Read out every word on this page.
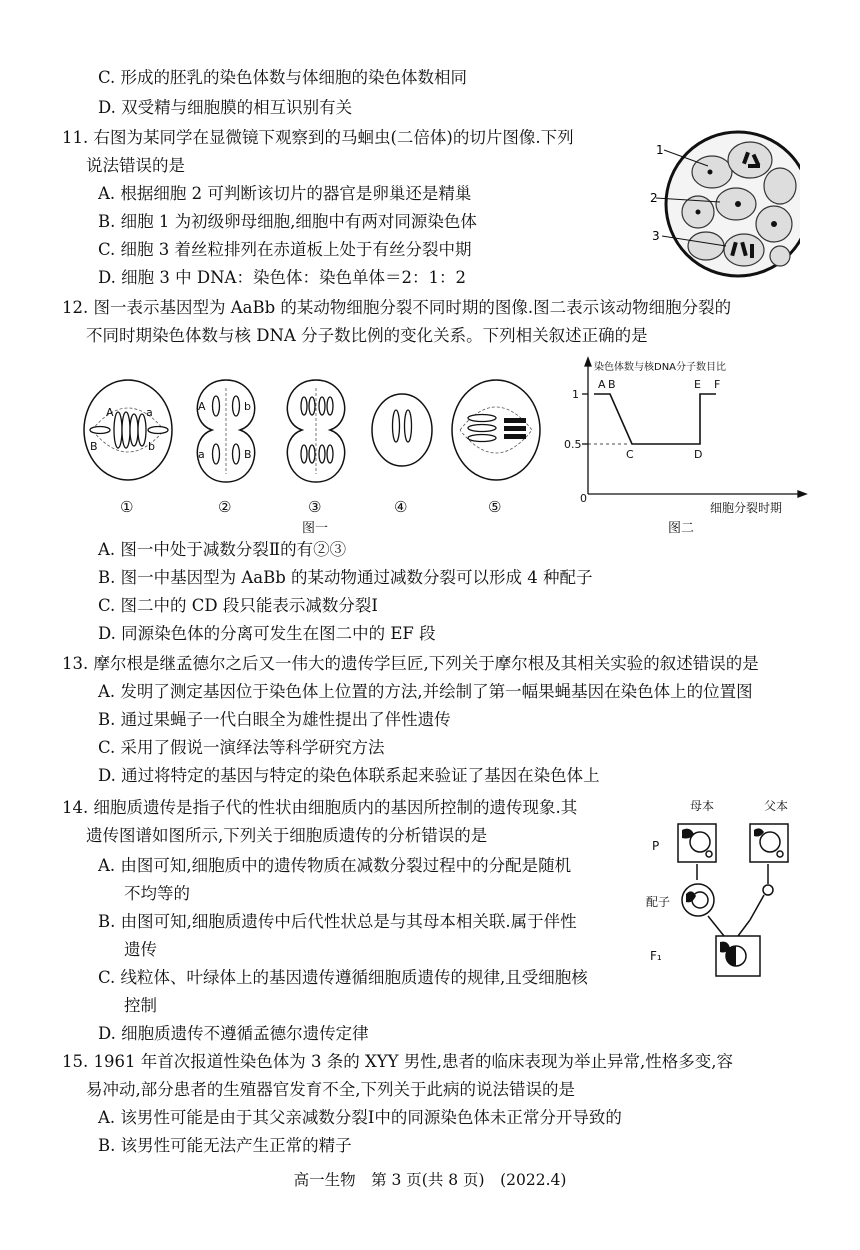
C. 形成的胚乳的染色体数与体细胞的染色体数相同
D. 双受精与细胞膜的相互识别有关
11. 右图为某同学在显微镜下观察到的马蛔虫(二倍体)的切片图像.下列
说法错误的是
A. 根据细胞 2 可判断该切片的器官是卵巢还是精巢
B. 细胞 1 为初级卵母细胞,细胞中有两对同源染色体
C. 细胞 3 着丝粒排列在赤道板上处于有丝分裂中期
D. 细胞 3 中 DNA：染色体：染色单体＝2：1：2
1
2
3
12. 图一表示基因型为 AaBb 的某动物细胞分裂不同时期的图像.图二表示该动物细胞分裂的
不同时期染色体数与核 DNA 分子数比例的变化关系。下列相关叙述正确的是
A	a
B	b
A	b
a	B
①	②	③	④	⑤
图一
染色体数与核DNA分子数目比
1
0.5
0
A B
C	D
E F
细胞分裂时期
图二
A. 图一中处于减数分裂Ⅱ的有②③
B. 图一中基因型为 AaBb 的某动物通过减数分裂可以形成 4 种配子
C. 图二中的 CD 段只能表示减数分裂Ⅰ
D. 同源染色体的分离可发生在图二中的 EF 段
13. 摩尔根是继孟德尔之后又一伟大的遗传学巨匠,下列关于摩尔根及其相关实验的叙述错误的是
A. 发明了测定基因位于染色体上位置的方法,并绘制了第一幅果蝇基因在染色体上的位置图
B. 通过果蝇子一代白眼全为雄性提出了伴性遗传
C. 采用了假说一演绎法等科学研究方法
D. 通过将特定的基因与特定的染色体联系起来验证了基因在染色体上
14. 细胞质遗传是指子代的性状由细胞质内的基因所控制的遗传现象.其
遗传图谱如图所示,下列关于细胞质遗传的分析错误的是
A. 由图可知,细胞质中的遗传物质在减数分裂过程中的分配是随机
不均等的
B. 由图可知,细胞质遗传中后代性状总是与其母本相关联.属于伴性
遗传
C. 线粒体、叶绿体上的基因遗传遵循细胞质遗传的规律,且受细胞核
控制
D. 细胞质遗传不遵循孟德尔遗传定律
母本	父本
P
配子
F₁
15. 1961 年首次报道性染色体为 3 条的 XYY 男性,患者的临床表现为举止异常,性格多变,容
易冲动,部分患者的生殖器官发育不全,下列关于此病的说法错误的是
A. 该男性可能是由于其父亲减数分裂Ⅰ中的同源染色体未正常分开导致的
B. 该男性可能无法产生正常的精子
高一生物　第 3 页(共 8 页)　(2022.4)
